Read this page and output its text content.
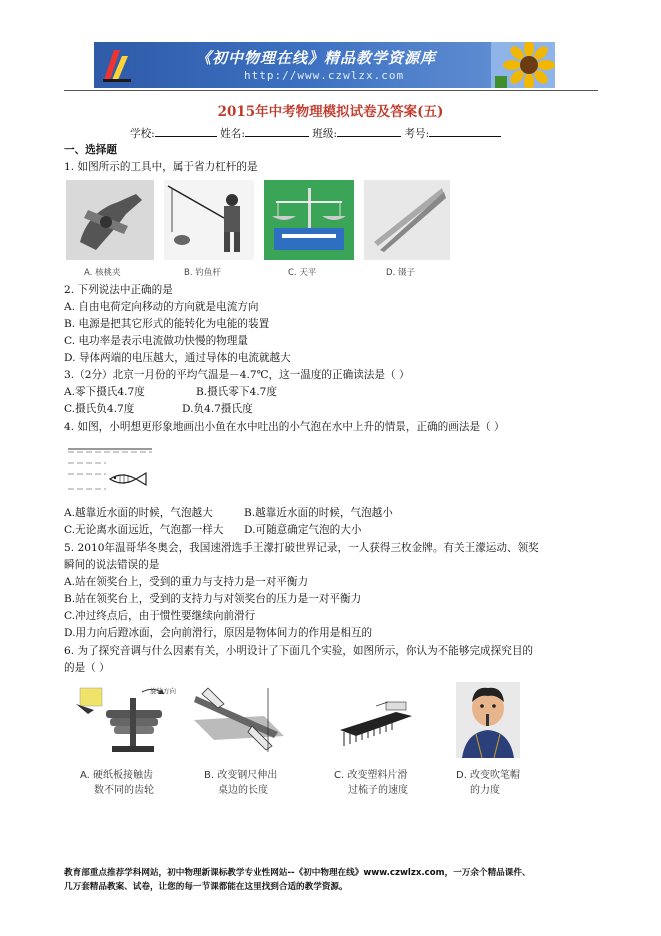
《初中物理在线》精品教学资源库
http://www.czwlzx.com
2015年中考物理模拟试卷及答案(五)
学校:	姓名:	班级:	考号:
一、选择题
1. 如图所示的工具中，属于省力杠杆的是
A. 核桃夹	B. 钓鱼杆	C. 天平	D. 镊子
2. 下列说法中正确的是
A. 自由电荷定向移动的方向就是电流方向
B. 电源是把其它形式的能转化为电能的装置
C. 电功率是表示电流做功快慢的物理量
D. 导体两端的电压越大，通过导体的电流就越大
3.（2分）北京一月份的平均气温是－4.7℃，这一温度的正确读法是（ ）
A.零下摄氏4.7度	B.摄氏零下4.7度
C.摄氏负4.7度	D.负4.7摄氏度
4. 如图，小明想更形象地画出小鱼在水中吐出的小气泡在水中上升的情景，正确的画法是（ ）
A.越靠近水面的时候，气泡越大	B.越靠近水面的时候，气泡越小
C.无论离水面远近，气泡都一样大 D.可随意确定气泡的大小
5. 2010年温哥华冬奥会，我国速滑选手王濛打破世界记录，一人获得三枚金牌。有关王濛运动、领奖
瞬间的说法错误的是
A.站在领奖台上，受到的重力与支持力是一对平衡力
B.站在领奖台上，受到的支持力与对领奖台的压力是一对平衡力
C.冲过终点后，由于惯性要继续向前滑行
D.用力向后蹬冰面，会向前滑行，原因是物体间力的作用是相互的
6. 为了探究音调与什么因素有关，小明设计了下面几个实验，如图所示，你认为不能够完成探究目的
的是（ ）
旋转方向
A. 硬纸板接触齿
数不同的齿轮
B. 改变钢尺伸出
桌边的长度
C. 改变塑料片滑
过梳子的速度
D. 改变吹笔帽
的力度
教育部重点推荐学科网站，初中物理新课标教学专业性网站--《初中物理在线》www.czwlzx.com，一万余个精品课件、
几万套精品教案、试卷，让您的每一节课都能在这里找到合适的教学资源。
